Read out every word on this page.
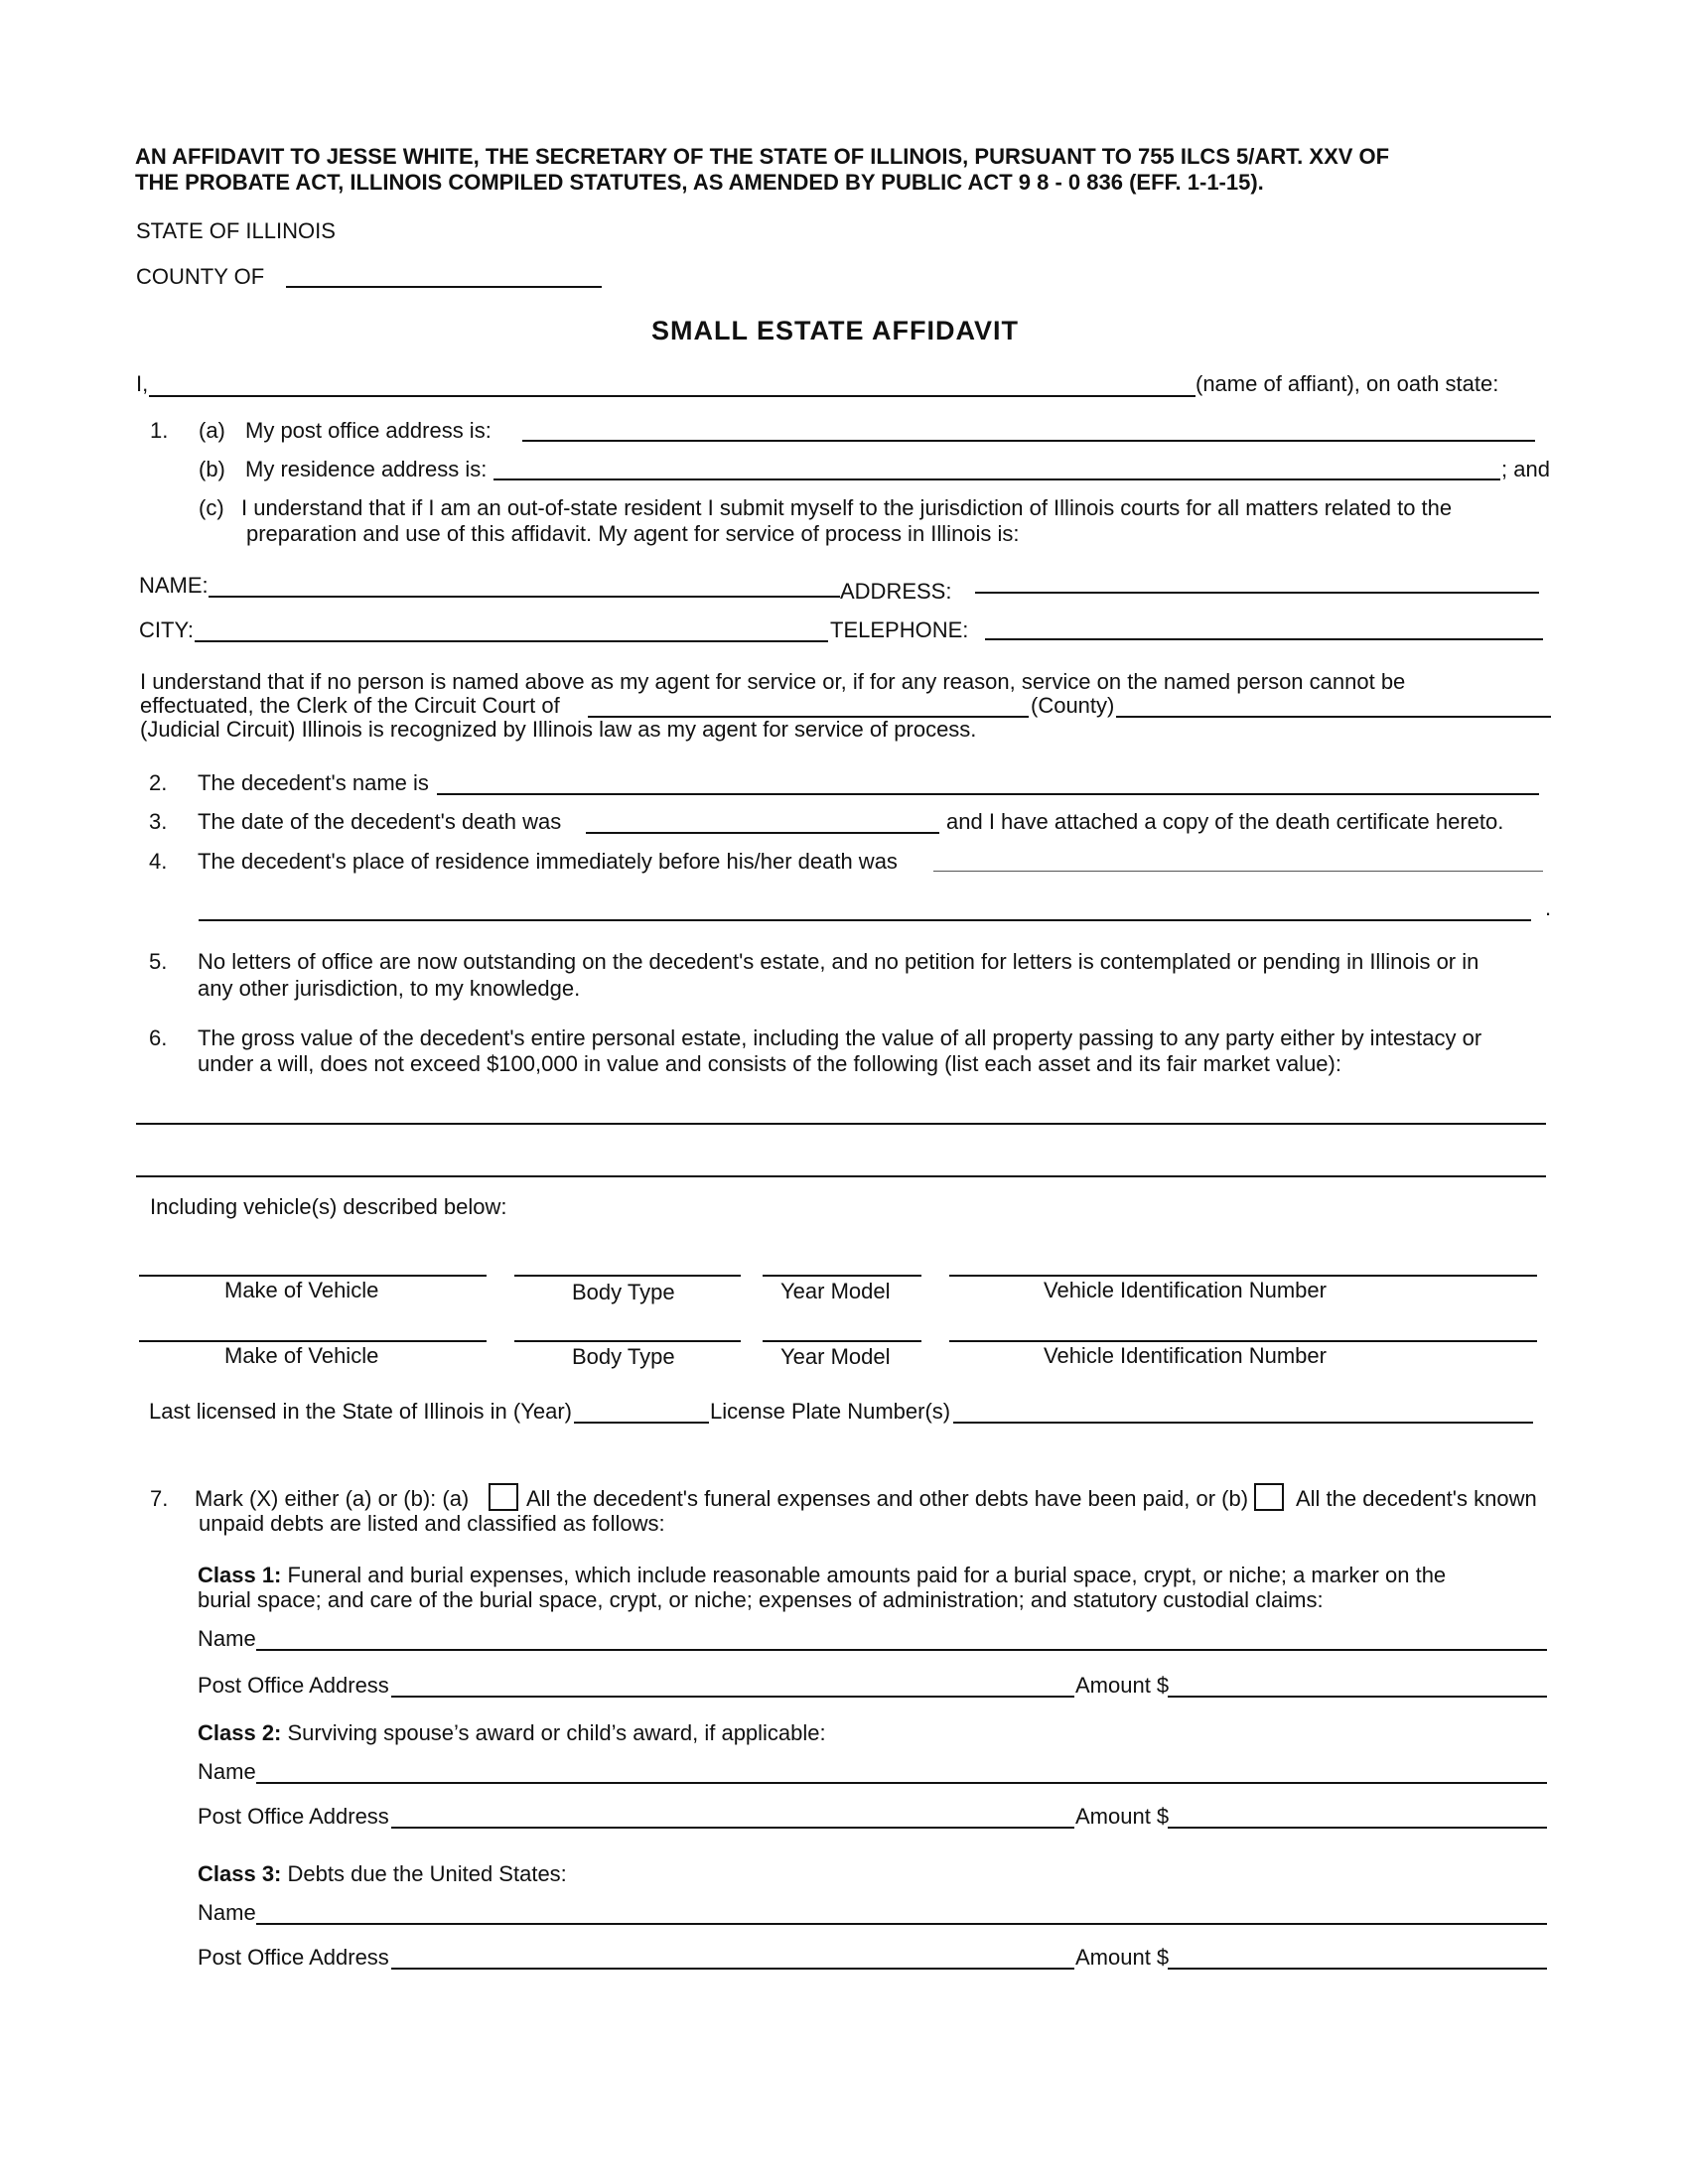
AN AFFIDAVIT TO JESSE WHITE, THE SECRETARY OF THE STATE OF ILLINOIS, PURSUANT TO 755 ILCS 5/ART. XXV OF
THE PROBATE ACT, ILLINOIS COMPILED STATUTES, AS AMENDED BY PUBLIC ACT 9 8 - 0 836 (EFF. 1-1-15).
STATE OF ILLINOIS
COUNTY OF
SMALL ESTATE AFFIDAVIT
I,	(name of affiant), on oath state:
1. (a) My post office address is:
(b) My residence address is:	; and
(c) I understand that if I am an out-of-state resident I submit myself to the jurisdiction of Illinois courts for all matters related to the
preparation and use of this affidavit. My agent for service of process in Illinois is:
NAME:	ADDRESS:
CITY:	TELEPHONE:
I understand that if no person is named above as my agent for service or, if for any reason, service on the named person cannot be
effectuated, the Clerk of the Circuit Court of	(County)
(Judicial Circuit) Illinois is recognized by Illinois law as my agent for service of process.
2. The decedent's name is
3. The date of the decedent's death was	and I have attached a copy of the death certificate hereto.
4. The decedent's place of residence immediately before his/her death was
.
5. No letters of office are now outstanding on the decedent's estate, and no petition for letters is contemplated or pending in Illinois or in
any other jurisdiction, to my knowledge.
6. The gross value of the decedent's entire personal estate, including the value of all property passing to any party either by intestacy or
under a will, does not exceed $100,000 in value and consists of the following (list each asset and its fair market value):
Including vehicle(s) described below:
Make of Vehicle	Body Type	Year Model	Vehicle Identification Number
Make of Vehicle	Body Type	Year Model	Vehicle Identification Number
Last licensed in the State of Illinois in (Year)	License Plate Number(s)
7. Mark (X) either (a) or (b): (a)	All the decedent's funeral expenses and other debts have been paid, or (b) All the decedent's known
unpaid debts are listed and classified as follows:
Class 1: Funeral and burial expenses, which include reasonable amounts paid for a burial space, crypt, or niche; a marker on the
burial space; and care of the burial space, crypt, or niche; expenses of administration; and statutory custodial claims:
Name
Post Office Address	Amount $
Class 2: Surviving spouse’s award or child’s award, if applicable:
Name
Post Office Address	Amount $
Class 3: Debts due the United States:
Name
Post Office Address	Amount $
